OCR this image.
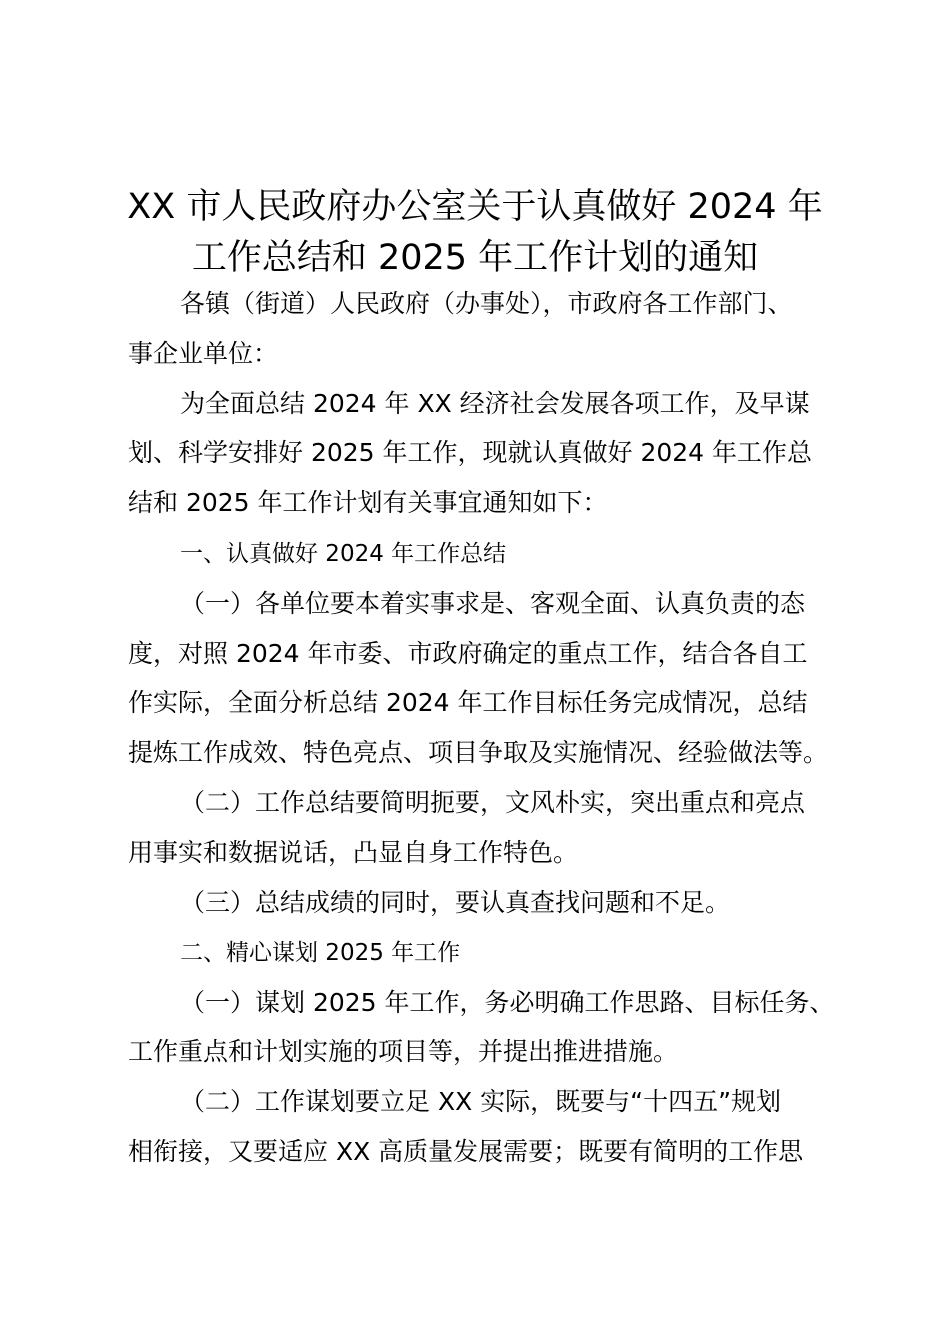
XX 市人民政府办公室关于认真做好 2024 年
工作总结和 2025 年工作计划的通知
各镇（街道）人民政府（办事处），市政府各工作部门、
事企业单位：
为全面总结 2024 年 XX 经济社会发展各项工作，及早谋
划、科学安排好 2025 年工作，现就认真做好 2024 年工作总
结和 2025 年工作计划有关事宜通知如下：
一、认真做好 2024 年工作总结
（一）各单位要本着实事求是、客观全面、认真负责的态
度，对照 2024 年市委、市政府确定的重点工作，结合各自工
作实际，全面分析总结 2024 年工作目标任务完成情况，总结
提炼工作成效、特色亮点、项目争取及实施情况、经验做法等。
（二）工作总结要简明扼要，文风朴实，突出重点和亮点
用事实和数据说话，凸显自身工作特色。
（三）总结成绩的同时，要认真查找问题和不足。
二、精心谋划 2025 年工作
（一）谋划 2025 年工作，务必明确工作思路、目标任务、
工作重点和计划实施的项目等，并提出推进措施。
（二）工作谋划要立足 XX 实际，既要与“十四五”规划
相衔接，又要适应 XX 高质量发展需要；既要有简明的工作思
